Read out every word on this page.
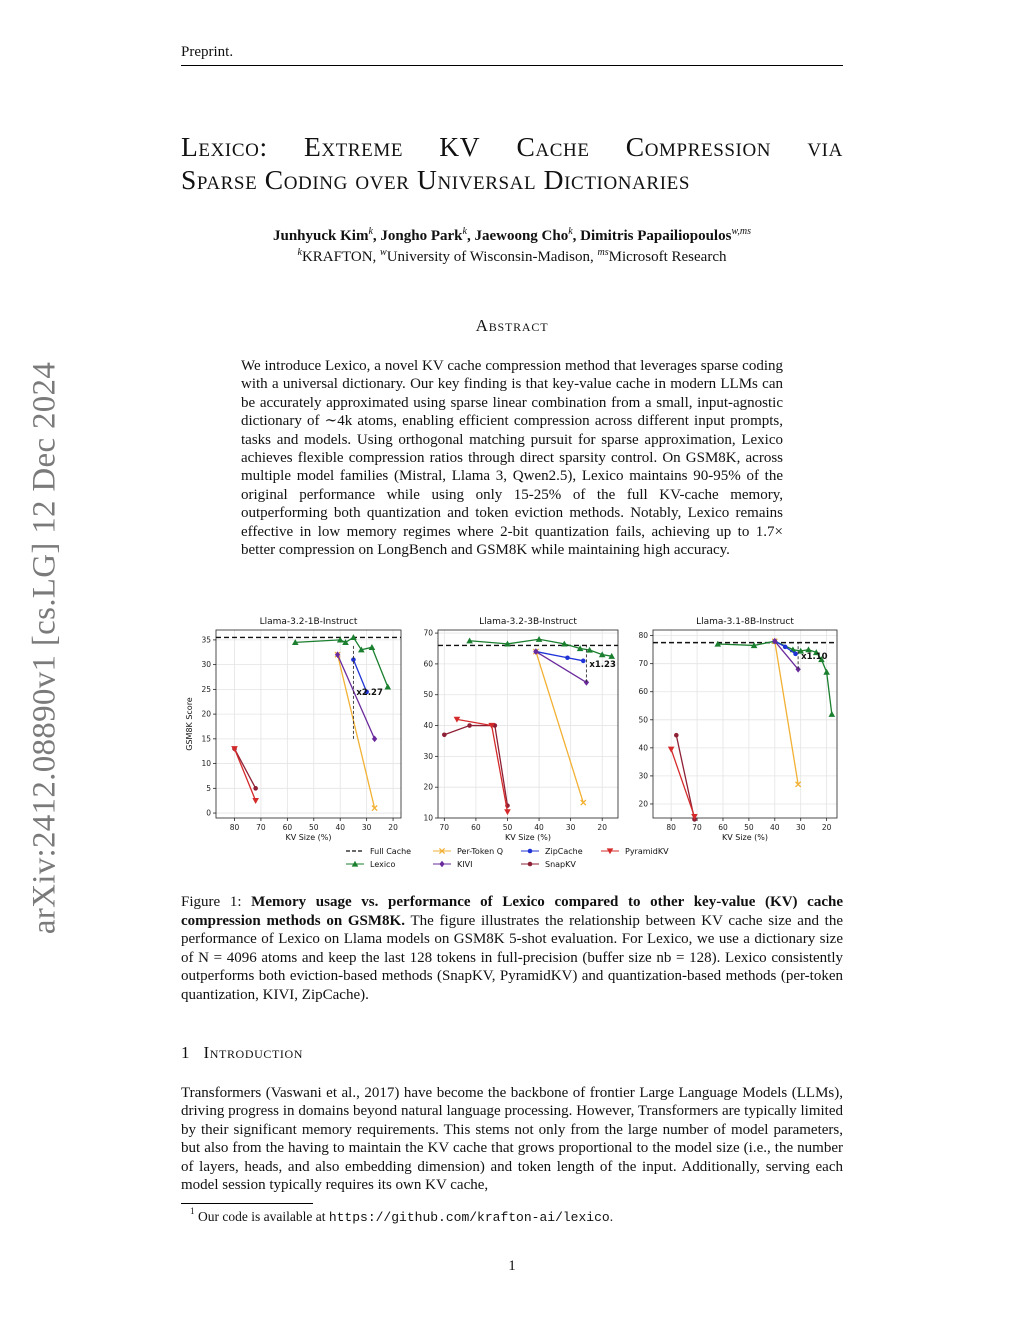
Preprint.
arXiv:2412.08890v1 [cs.LG] 12 Dec 2024
Lexico: Extreme KV Cache Compression via
Sparse Coding over Universal Dictionaries
Junhyuck Kim$^k$, Jongho Park$^k$, Jaewoong Cho$^k$, Dimitris Papailiopoulos$^{w,ms}$
$^k$KRAFTON, $^w$University of Wisconsin-Madison, $^{ms}$Microsoft Research
Abstract
We introduce Lexico, a novel KV cache compression method that leverages sparse coding with a universal dictionary. Our key finding is that key-value cache in modern LLMs can be accurately approximated using sparse linear combination from a small, input-agnostic dictionary of ∼4k atoms, enabling efficient compression across different input prompts, tasks and models. Using orthogonal matching pursuit for sparse approximation, Lexico achieves flexible compression ratios through direct sparsity control. On GSM8K, across multiple model families (Mistral, Llama 3, Qwen2.5), Lexico maintains 90-95% of the original performance while using only 15-25% of the full KV-cache memory, outperforming both quantization and token eviction methods. Notably, Lexico remains effective in low memory regimes where 2-bit quantization fails, achieving up to 1.7× better compression on LongBench and GSM8K while maintaining high accuracy.
80 70 60 50 40 30 20
0
5
10
15
20
25
30
35
Llama-3.2-1B-Instruct
KV Size (%)
GSM8K Score
x2.27
70	60	50	40	30	20
10
20
30
40
50
60
70
Llama-3.2-3B-Instruct
KV Size (%)
x1.23
80 70 60 50 40 30 20
20
30
40
50
60
70
80
Llama-3.1-8B-Instruct
KV Size (%)
x1.10
Full Cache
Lexico
Per-Token Q
KIVI
ZipCache
SnapKV
PyramidKV
Figure 1: Memory usage vs. performance of Lexico compared to other key-value (KV) cache compression methods on GSM8K. The figure illustrates the relationship between KV cache size and the performance of Lexico on Llama models on GSM8K 5-shot evaluation. For Lexico, we use a dictionary size of N = 4096 atoms and keep the last 128 tokens in full-precision (buffer size nb = 128). Lexico consistently outperforms both eviction-based methods (SnapKV, PyramidKV) and quantization-based methods (per-token quantization, KIVI, ZipCache).
1 Introduction
Transformers (Vaswani et al., 2017) have become the backbone of frontier Large Language Models (LLMs), driving progress in domains beyond natural language processing. However, Transformers are typically limited by their significant memory requirements. This stems not only from the large number of model parameters, but also from the having to maintain the KV cache that grows proportional to the model size (i.e., the number of layers, heads, and also embedding dimension) and token length of the input. Additionally, serving each model session typically requires its own KV cache,
1 Our code is available at https://github.com/krafton-ai/lexico.
1
